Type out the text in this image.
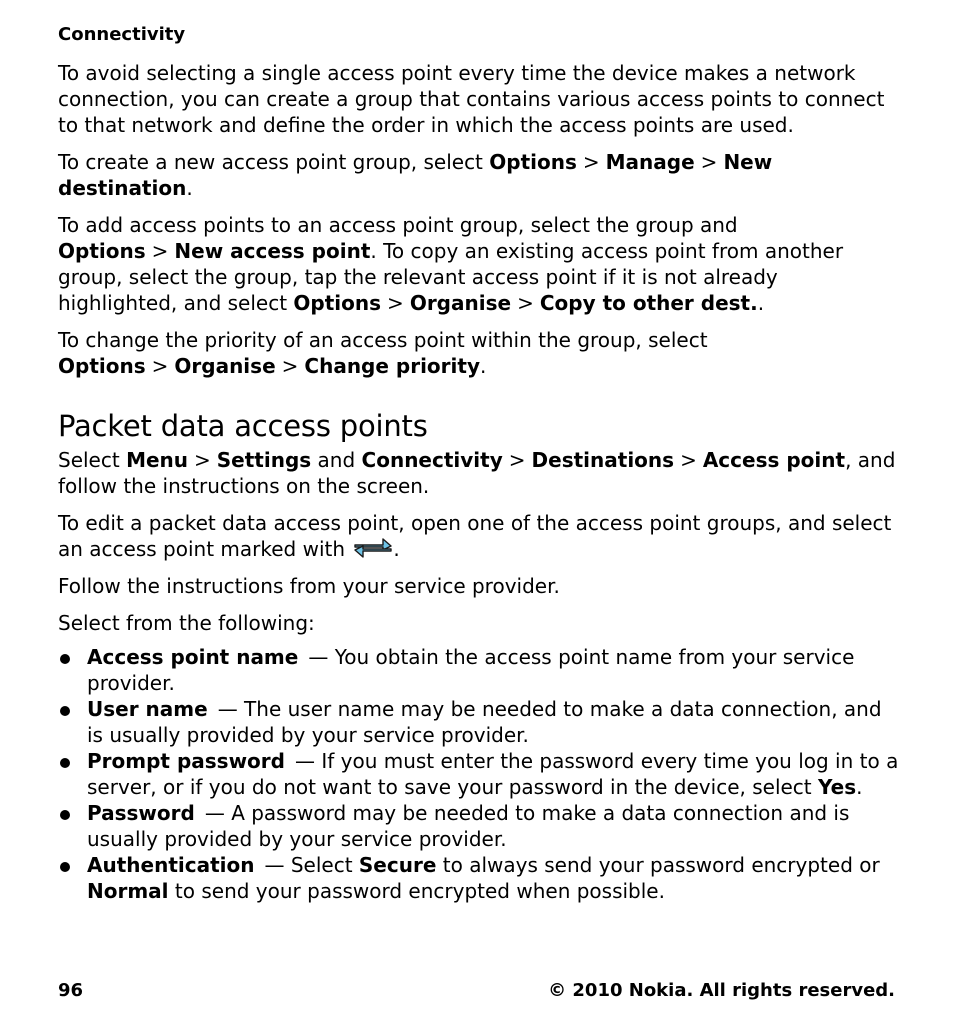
Connectivity

To avoid selecting a single access point every time the device makes a network connection, you can create a group that contains various access points to connect to that network and define the order in which the access points are used.

To create a new access point group, select Options > Manage > New destination.

To add access points to an access point group, select the group and Options > New access point. To copy an existing access point from another group, select the group, tap the relevant access point if it is not already highlighted, and select Options > Organise > Copy to other dest..

To change the priority of an access point within the group, select Options > Organise > Change priority.

Packet data access points

Select Menu > Settings and Connectivity > Destinations > Access point, and follow the instructions on the screen.

To edit a packet data access point, open one of the access point groups, and select an access point marked with .

Follow the instructions from your service provider.

Select from the following:

Access point name — You obtain the access point name from your service provider.
User name — The user name may be needed to make a data connection, and is usually provided by your service provider.
Prompt password — If you must enter the password every time you log in to a server, or if you do not want to save your password in the device, select Yes.
Password — A password may be needed to make a data connection and is usually provided by your service provider.
Authentication — Select Secure to always send your password encrypted or Normal to send your password encrypted when possible.
96	© 2010 Nokia. All rights reserved.
